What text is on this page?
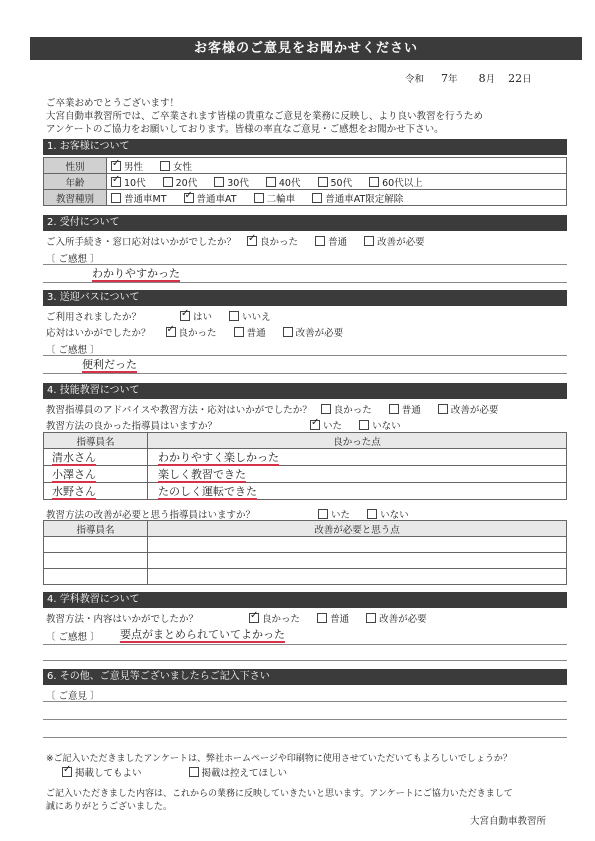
お客様のご意見をお聞かせください
令和 7年 8月 22日
ご卒業おめでとうございます！
大宮自動車教習所では、ご卒業されます皆様の貴重なご意見を業務に反映し、より良い教習を行うため
アンケートのご協力をお願いしております。皆様の率直なご意見・ご感想をお聞かせ下さい。
1. お客様について
性別	✓男性 女性
年齢	✓10代 20代 30代 40代 50代 60代以上
教習種別	普通車MT ✓ 普通車AT 二輪車 普通車AT限定解除
2. 受付について
ご入所手続き・窓口応対はいかがでしたか？ ✓	良かった	普通	改善が必要
〔 ご感想 〕
わかりやすかった
3. 送迎バスについて
ご利用されましたか？ ✓	はい	いいえ
応対はいかがでしたか？ ✓	良かった	普通	改善が必要
〔 ご感想 〕
便利だった
4. 技能教習について
教習指導員のアドバイスや教習方法・応対はいかがでしたか？ 良かった	普通	改善が必要
教習方法の良かった指導員はいますか？ ✓	いた	いない
指導員名	良かった点
清水さん	わかりやすく楽しかった
小澤さん	楽しく教習できた
水野さん	たのしく運転できた
教習方法の改善が必要と思う指導員はいますか？	いた	いない
指導員名	改善が必要と思う点

4. 学科教習について
教習方法・内容はいかがでしたか？ ✓	良かった	普通	改善が必要
〔 ご感想 〕 要点がまとめられていてよかった
6. その他、ご意見等ございましたらご記入下さい
〔 ご意見 〕
※ご記入いただきましたアンケートは、弊社ホームページや印刷物に使用させていただいてもよろしいでしょうか？
✓掲載してもよい	掲載は控えてほしい
ご記入いただきました内容は、これからの業務に反映していきたいと思います。アンケートにご協力いただきまして
誠にありがとうございました。
大宮自動車教習所
